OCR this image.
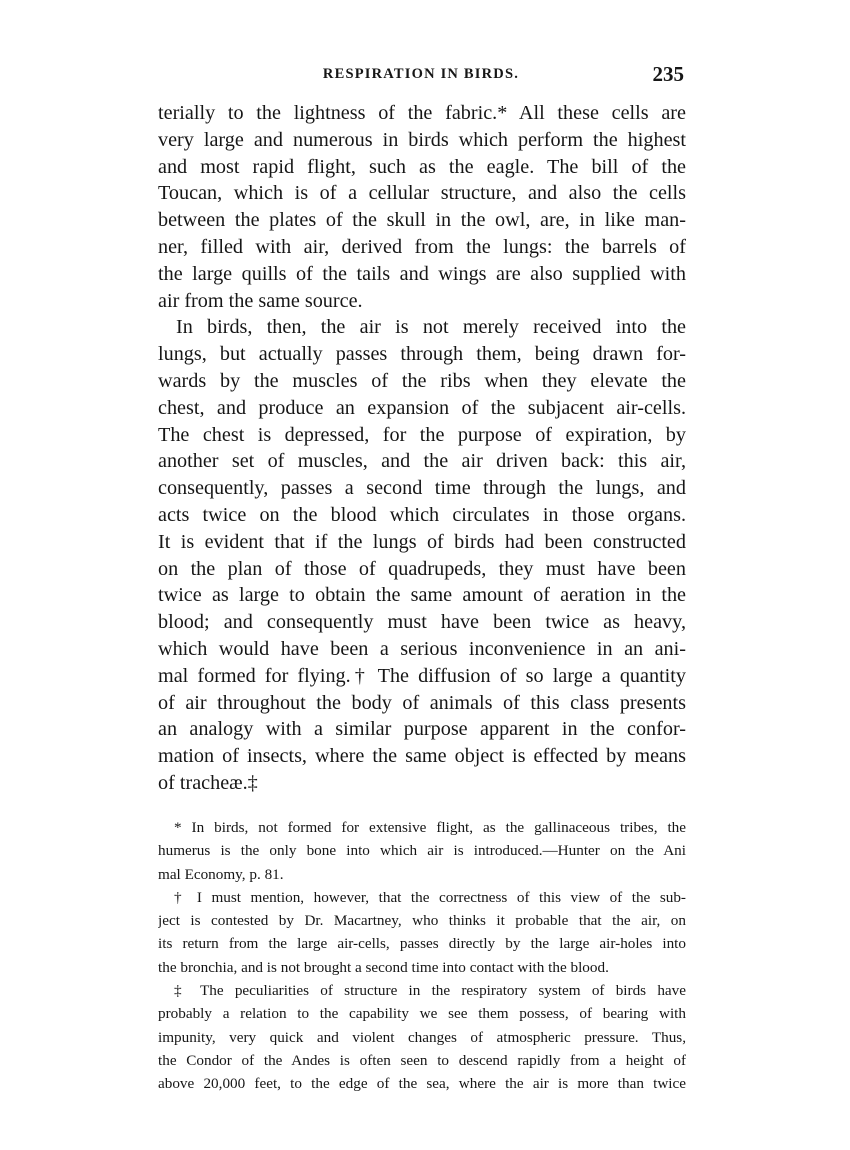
RESPIRATION IN BIRDS.	235
terially to the lightness of the fabric.* All these cells are
very large and numerous in birds which perform the highest
and most rapid flight, such as the eagle. The bill of the
Toucan, which is of a cellular structure, and also the cells
between the plates of the skull in the owl, are, in like man-
ner, filled with air, derived from the lungs: the barrels of
the large quills of the tails and wings are also supplied with
air from the same source.
In birds, then, the air is not merely received into the
lungs, but actually passes through them, being drawn for-
wards by the muscles of the ribs when they elevate the
chest, and produce an expansion of the subjacent air-cells.
The chest is depressed, for the purpose of expiration, by
another set of muscles, and the air driven back: this air,
consequently, passes a second time through the lungs, and
acts twice on the blood which circulates in those organs.
It is evident that if the lungs of birds had been constructed
on the plan of those of quadrupeds, they must have been
twice as large to obtain the same amount of aeration in the
blood; and consequently must have been twice as heavy,
which would have been a serious inconvenience in an ani-
mal formed for flying.† The diffusion of so large a quantity
of air throughout the body of animals of this class presents
an analogy with a similar purpose apparent in the confor-
mation of insects, where the same object is effected by means
of tracheæ.‡
* In birds, not formed for extensive flight, as the gallinaceous tribes, the
humerus is the only bone into which air is introduced.—Hunter on the Ani
mal Economy, p. 81.
† I must mention, however, that the correctness of this view of the sub-
ject is contested by Dr. Macartney, who thinks it probable that the air, on
its return from the large air-cells, passes directly by the large air-holes into
the bronchia, and is not brought a second time into contact with the blood.
‡ The peculiarities of structure in the respiratory system of birds have
probably a relation to the capability we see them possess, of bearing with
impunity, very quick and violent changes of atmospheric pressure. Thus,
the Condor of the Andes is often seen to descend rapidly from a height of
above 20,000 feet, to the edge of the sea, where the air is more than twice
